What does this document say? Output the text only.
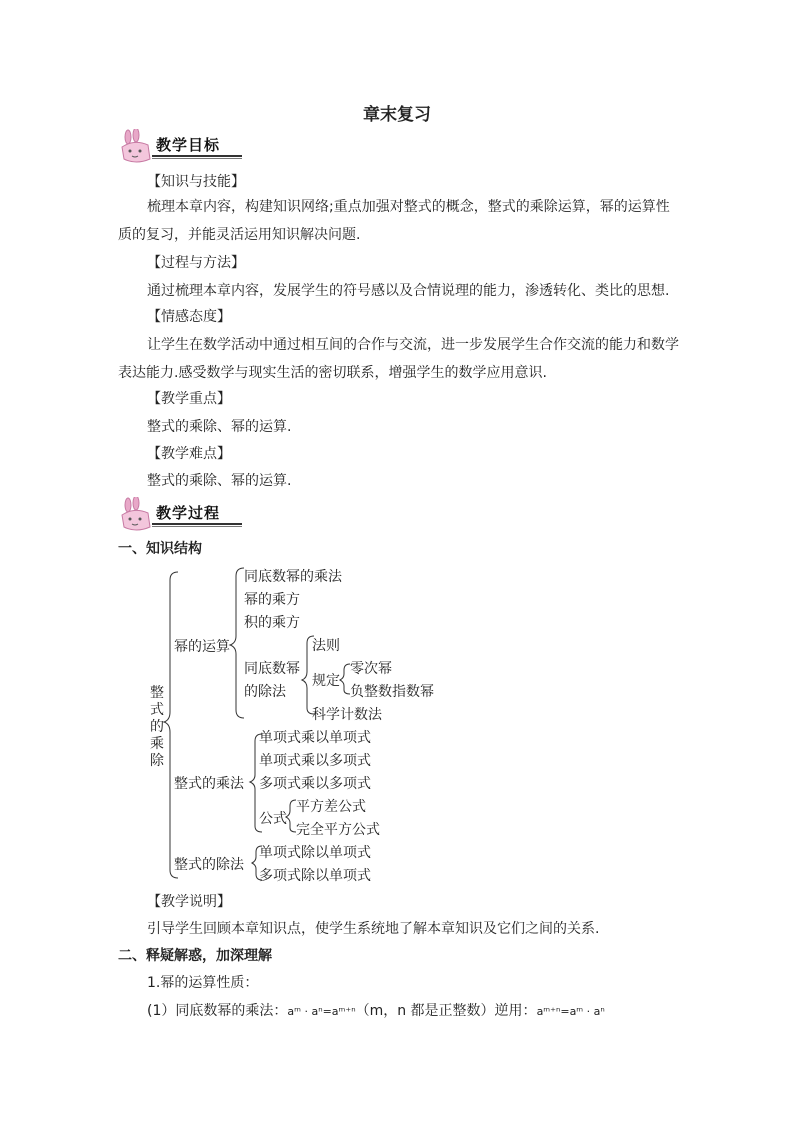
章末复习
教学目标
【知识与技能】
梳理本章内容，构建知识网络;重点加强对整式的概念，整式的乘除运算，幂的运算性
质的复习，并能灵活运用知识解决问题.
【过程与方法】
通过梳理本章内容，发展学生的符号感以及合情说理的能力，渗透转化、类比的思想.
【情感态度】
让学生在数学活动中通过相互间的合作与交流，进一步发展学生合作交流的能力和数学
表达能力.感受数学与现实生活的密切联系，增强学生的数学应用意识.
【教学重点】
整式的乘除、幂的运算.
【教学难点】
整式的乘除、幂的运算.
教学过程
一、知识结构
整
式
的
乘
除
幂的运算
同底数幂的乘法
幂的乘方
积的乘方
同底数幂
的除法
法则
规定
零次幂
负整数指数幂
科学计数法
整式的乘法
单项式乘以单项式
单项式乘以多项式
多项式乘以多项式
公式
平方差公式
完全平方公式
整式的除法
单项式除以单项式
多项式除以单项式
【教学说明】
引导学生回顾本章知识点，使学生系统地了解本章知识及它们之间的关系.
二、释疑解惑，加深理解
1.幂的运算性质：
(1）同底数幂的乘法：aᵐ · aⁿ=aᵐ⁺ⁿ（m，n 都是正整数）逆用：aᵐ⁺ⁿ=aᵐ · aⁿ
